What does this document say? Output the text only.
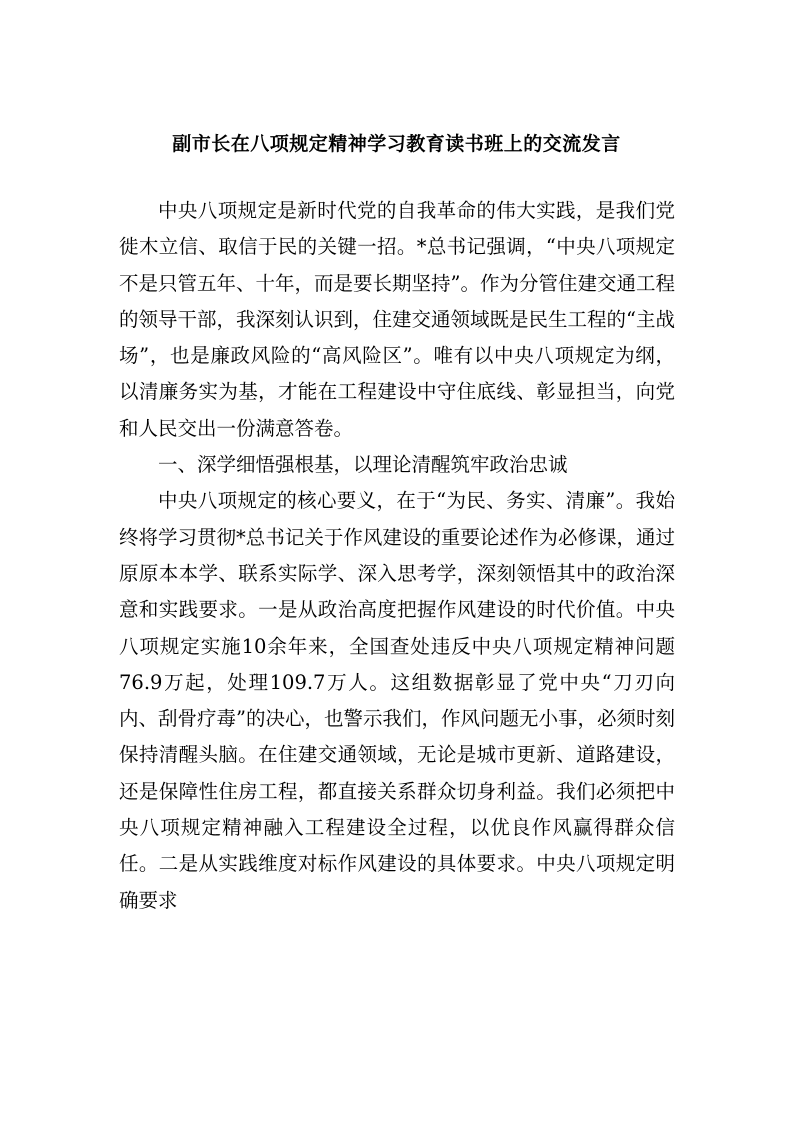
副市长在八项规定精神学习教育读书班上的交流发言

中央八项规定是新时代党的自我革命的伟大实践，是我们党徙木立信、取信于民的关键一招。*总书记强调，“中央八项规定不是只管五年、十年，而是要长期坚持”。作为分管住建交通工程的领导干部，我深刻认识到，住建交通领域既是民生工程的“主战场”，也是廉政风险的“高风险区”。唯有以中央八项规定为纲，以清廉务实为基，才能在工程建设中守住底线、彰显担当，向党和人民交出一份满意答卷。

一、深学细悟强根基，以理论清醒筑牢政治忠诚

中央八项规定的核心要义，在于“为民、务实、清廉”。我始终将学习贯彻*总书记关于作风建设的重要论述作为必修课，通过原原本本学、联系实际学、深入思考学，深刻领悟其中的政治深意和实践要求。一是从政治高度把握作风建设的时代价值。中央八项规定实施10余年来，全国查处违反中央八项规定精神问题76.9万起，处理109.7万人。这组数据彰显了党中央“刀刃向内、刮骨疗毒”的决心，也警示我们，作风问题无小事，必须时刻保持清醒头脑。在住建交通领域，无论是城市更新、道路建设，还是保障性住房工程，都直接关系群众切身利益。我们必须把中央八项规定精神融入工程建设全过程，以优良作风赢得群众信任。二是从实践维度对标作风建设的具体要求。中央八项规定明确要求
